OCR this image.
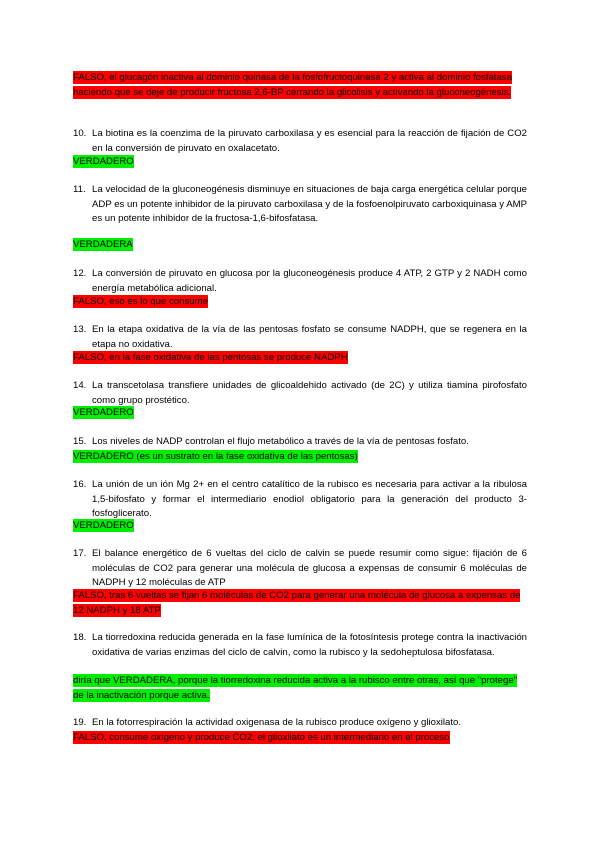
FALSO, el glucagón inactiva al dominio quinasa de la fosfofructoquinasa 2 y activa al dominio fosfatasa haciendo que se deje de producir fructosa 2,6-BP cerrando la glicolisis y activando la gluconeogénesis.
10. La biotina es la coenzima de la piruvato carboxilasa y es esencial para la reacción de fijación de CO2 en la conversión de piruvato en oxalacetato.
VERDADERO
11. La velocidad de la gluconeogénesis disminuye en situaciones de baja carga energética celular porque ADP es un potente inhibidor de la piruvato carboxilasa y de la fosfoenolpiruvato carboxiquinasa y AMP es un potente inhibidor de la fructosa-1,6-bifosfatasa.
VERDADERA
12. La conversión de piruvato en glucosa por la gluconeogénesis produce 4 ATP, 2 GTP y 2 NADH como energía metabólica adicional.
FALSO, eso es lo que consume
13. En la etapa oxidativa de la vía de las pentosas fosfato se consume NADPH, que se regenera en la etapa no oxidativa.
FALSO, en la fase oxidativa de las pentosas se produce NADPH
14. La transcetolasa transfiere unidades de glicoaldehido activado (de 2C) y utiliza tiamina pirofosfato como grupo prostético.
VERDADERO
15. Los niveles de NADP controlan el flujo metabólico a través de la vía de pentosas fosfato.
VERDADERO (es un sustrato en la fase oxidativa de las pentosas)
16. La unión de un ión Mg 2+ en el centro catalítico de la rubisco es necesaria para activar a la ribulosa 1,5-bifosfato y formar el intermediario enodiol obligatorio para la generación del producto 3-fosfoglicerato.
VERDADERO
17. El balance energético de 6 vueltas del ciclo de calvin se puede resumir como sigue: fijación de 6 moléculas de CO2 para generar una molécula de glucosa a expensas de consumir 6 moléculas de NADPH y 12 moléculas de ATP
FALSO, tras 6 vueltas se fijan 6 moléculas de CO2 para generar una molécula de glucosa a expensas de 12 NADPH y 18 ATP
18. La tiorredoxina reducida generada en la fase lumínica de la fotosíntesis protege contra la inactivación oxidativa de varias enzimas del ciclo de calvin, como la rubisco y la sedoheptulosa bifosfatasa.
diría que VERDADERA, porque la tiorredoxina reducida activa a la rubisco entre otras, así que "protege" de la inactivación porque activa.
19. En la fotorrespiración la actividad oxigenasa de la rubisco produce oxígeno y glioxilato.
FALSO, consume oxígeno y produce CO2, el glioxilato es un intermediario en el proceso
